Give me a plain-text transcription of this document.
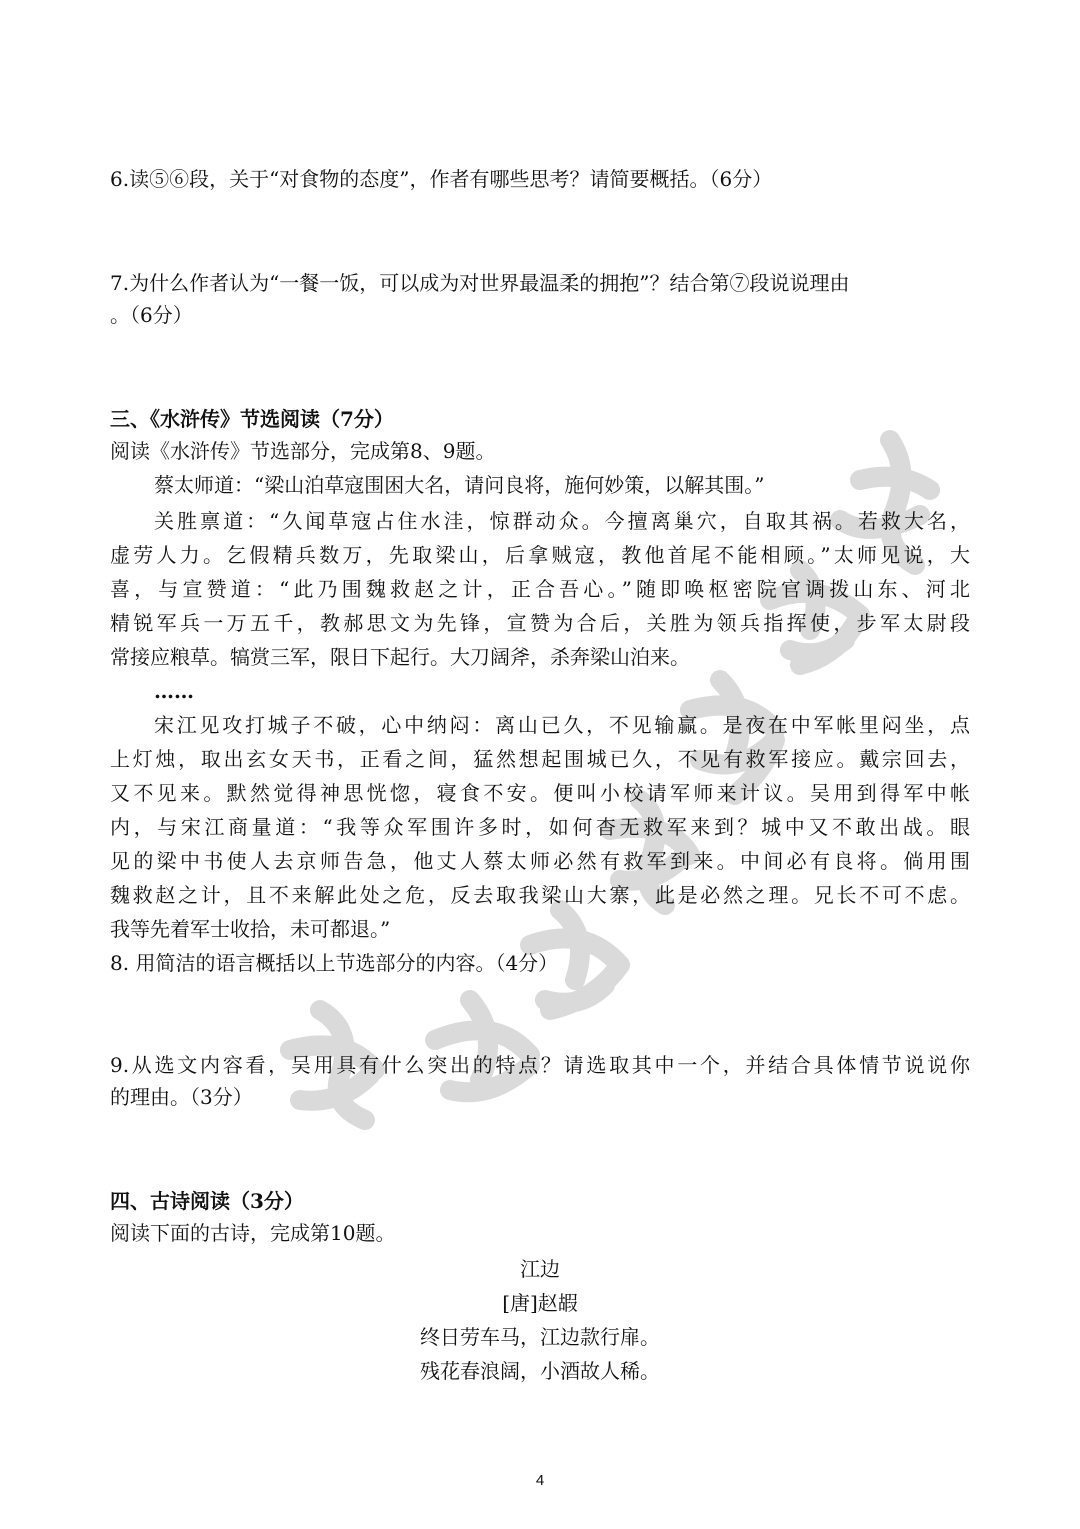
6.读⑤⑥段，关于“对食物的态度”，作者有哪些思考？请简要概括。（6分）
7.为什么作者认为“一餐一饭，可以成为对世界最温柔的拥抱”？结合第⑦段说说理由
。（6分）
三、《水浒传》节选阅读（7分）
阅读《水浒传》节选部分，完成第8、9题。
蔡太师道：“梁山泊草寇围困大名，请问良将，施何妙策，以解其围。”
关胜禀道：“久闻草寇占住水洼，惊群动众。今擅离巢穴，自取其祸。若救大名，
虚劳人力。乞假精兵数万，先取梁山，后拿贼寇，教他首尾不能相顾。”太师见说，大
喜，与宣赞道：“此乃围魏救赵之计，正合吾心。”随即唤枢密院官调拨山东、河北
精锐军兵一万五千，教郝思文为先锋，宣赞为合后，关胜为领兵指挥使，步军太尉段
常接应粮草。犒赏三军，限日下起行。大刀阔斧，杀奔梁山泊来。
……
宋江见攻打城子不破，心中纳闷：离山已久，不见输赢。是夜在中军帐里闷坐，点
上灯烛，取出玄女天书，正看之间，猛然想起围城已久，不见有救军接应。戴宗回去，
又不见来。默然觉得神思恍惚，寝食不安。便叫小校请军师来计议。吴用到得军中帐
内，与宋江商量道：“我等众军围许多时，如何杳无救军来到？城中又不敢出战。眼
见的梁中书使人去京师告急，他丈人蔡太师必然有救军到来。中间必有良将。倘用围
魏救赵之计，且不来解此处之危，反去取我梁山大寨，此是必然之理。兄长不可不虑。
我等先着军士收拾，未可都退。”
8. 用简洁的语言概括以上节选部分的内容。（4分）
9.从选文内容看，吴用具有什么突出的特点？请选取其中一个，并结合具体情节说说你
的理由。（3分）
四、古诗阅读（3分）
阅读下面的古诗，完成第10题。
江边
[唐]赵嘏
终日劳车马，江边款行扉。
残花春浪阔，小酒故人稀。
4
